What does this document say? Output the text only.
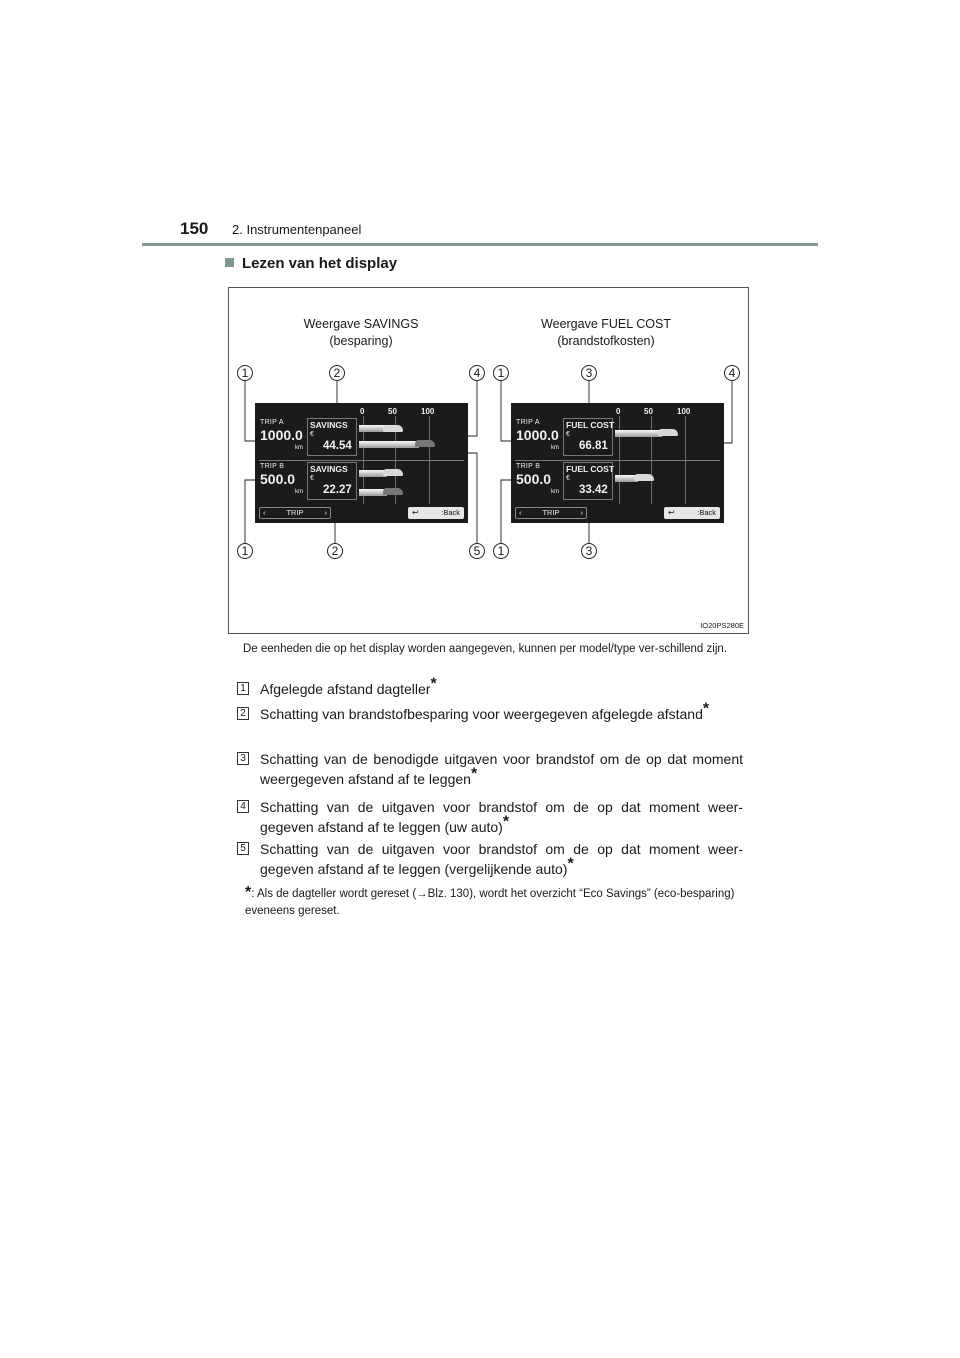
150 2. Instrumentenpaneel
Lezen van het display
Weergave SAVINGS
(besparing)
Weergave FUEL COST
(brandstofkosten)
1	2	4	1	3	4
1	2	5	1	3
0	50	100
TRIP A
1000.0
km
SAVINGS
€
44.54
TRIP B
500.0
km
SAVINGS
€
22.27
‹	TRIP	›	↩	:Back
0	50	100
TRIP A
1000.0
km
FUEL COST
€
66.81
TRIP B
500.0
km
FUEL COST
€
33.42
‹	TRIP	›	↩	:Back
IO20PS280E
De eenheden die op het display worden aangegeven, kunnen per model/type ver-schillend zijn.
1 Afgelegde afstand dagteller*
2 Schatting van brandstofbesparing voor weergegeven afgelegde afstand*
3 Schatting van de benodigde uitgaven voor brandstof om de op dat moment weergegeven afstand af te leggen*
4 Schatting van de uitgaven voor brandstof om de op dat moment weer-gegeven afstand af te leggen (uw auto)*
5 Schatting van de uitgaven voor brandstof om de op dat moment weer-gegeven afstand af te leggen (vergelijkende auto)*
*: Als de dagteller wordt gereset (→Blz. 130), wordt het overzicht “Eco Savings” (eco-besparing) eveneens gereset.
